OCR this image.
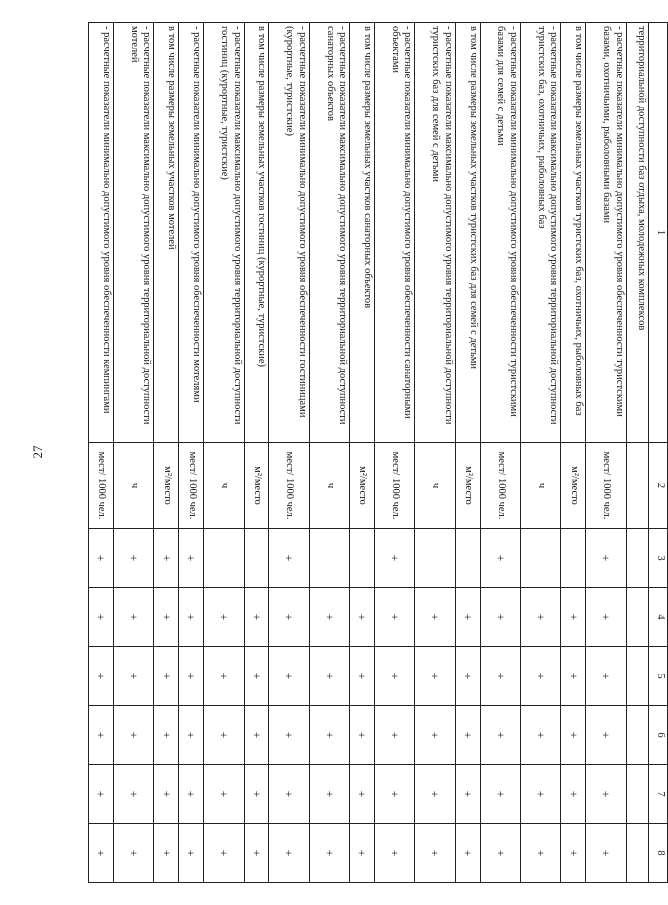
27
1	2	3	4	5	6	7	8
территориальной доступности баз отдыха, молодежных комплексов							
- расчетные показатели минимально допустимого уровня обеспеченности туристскими базами, охотничьими, рыболовными базами	мест/ 1000 чел.	+	+	+	+	+	+
в том числе размеры земельных участков туристских баз, охотничьих, рыболовных баз	м²/место		+	+	+	+	+
- расчетные показатели максимально допустимого уровня территориальной доступности туристских баз, охотничьих, рыболовных баз	ч		+	+	+	+	+
- расчетные показатели минимально допустимого уровня обеспеченности туристскими базами для семей с детьми	мест/ 1000 чел.	+	+	+	+	+	+
в том числе размеры земельных участков туристских баз для семей с детьми	м²/место		+	+	+	+	+
- расчетные показатели максимально допустимого уровня территориальной доступности туристских баз для семей с детьми	ч		+	+	+	+	+
- расчетные показатели минимально допустимого уровня обеспеченности санаторными объектами	мест/ 1000 чел.	+	+	+	+	+	+
в том числе размеры земельных участков санаторных объектов	м²/место		+	+	+	+	+
- расчетные показатели максимально допустимого уровня территориальной доступности санаторных объектов	ч		+	+	+	+	+
- расчетные показатели минимально допустимого уровня обеспеченности гостиницами (курортные, туристские)	мест/ 1000 чел.	+	+	+	+	+	+
в том числе размеры земельных участков гостиниц (курортные, туристские)	м²/место		+	+	+	+	+
- расчетные показатели максимально допустимого уровня территориальной доступности гостиниц (курортные, туристские)	ч		+	+	+	+	+
- расчетные показатели минимально допустимого уровня обеспеченности мотелями	мест/ 1000 чел.	+	+	+	+	+	+
в том числе размеры земельных участков мотелей	м²/место	+	+	+	+	+	+
- расчетные показатели максимально допустимого уровня территориальной доступности мотелей	ч	+	+	+	+	+	+
- расчетные показатели минимально допустимого уровня обеспеченности кемпингами	мест/ 1000 чел.	+	+	+	+	+	+
